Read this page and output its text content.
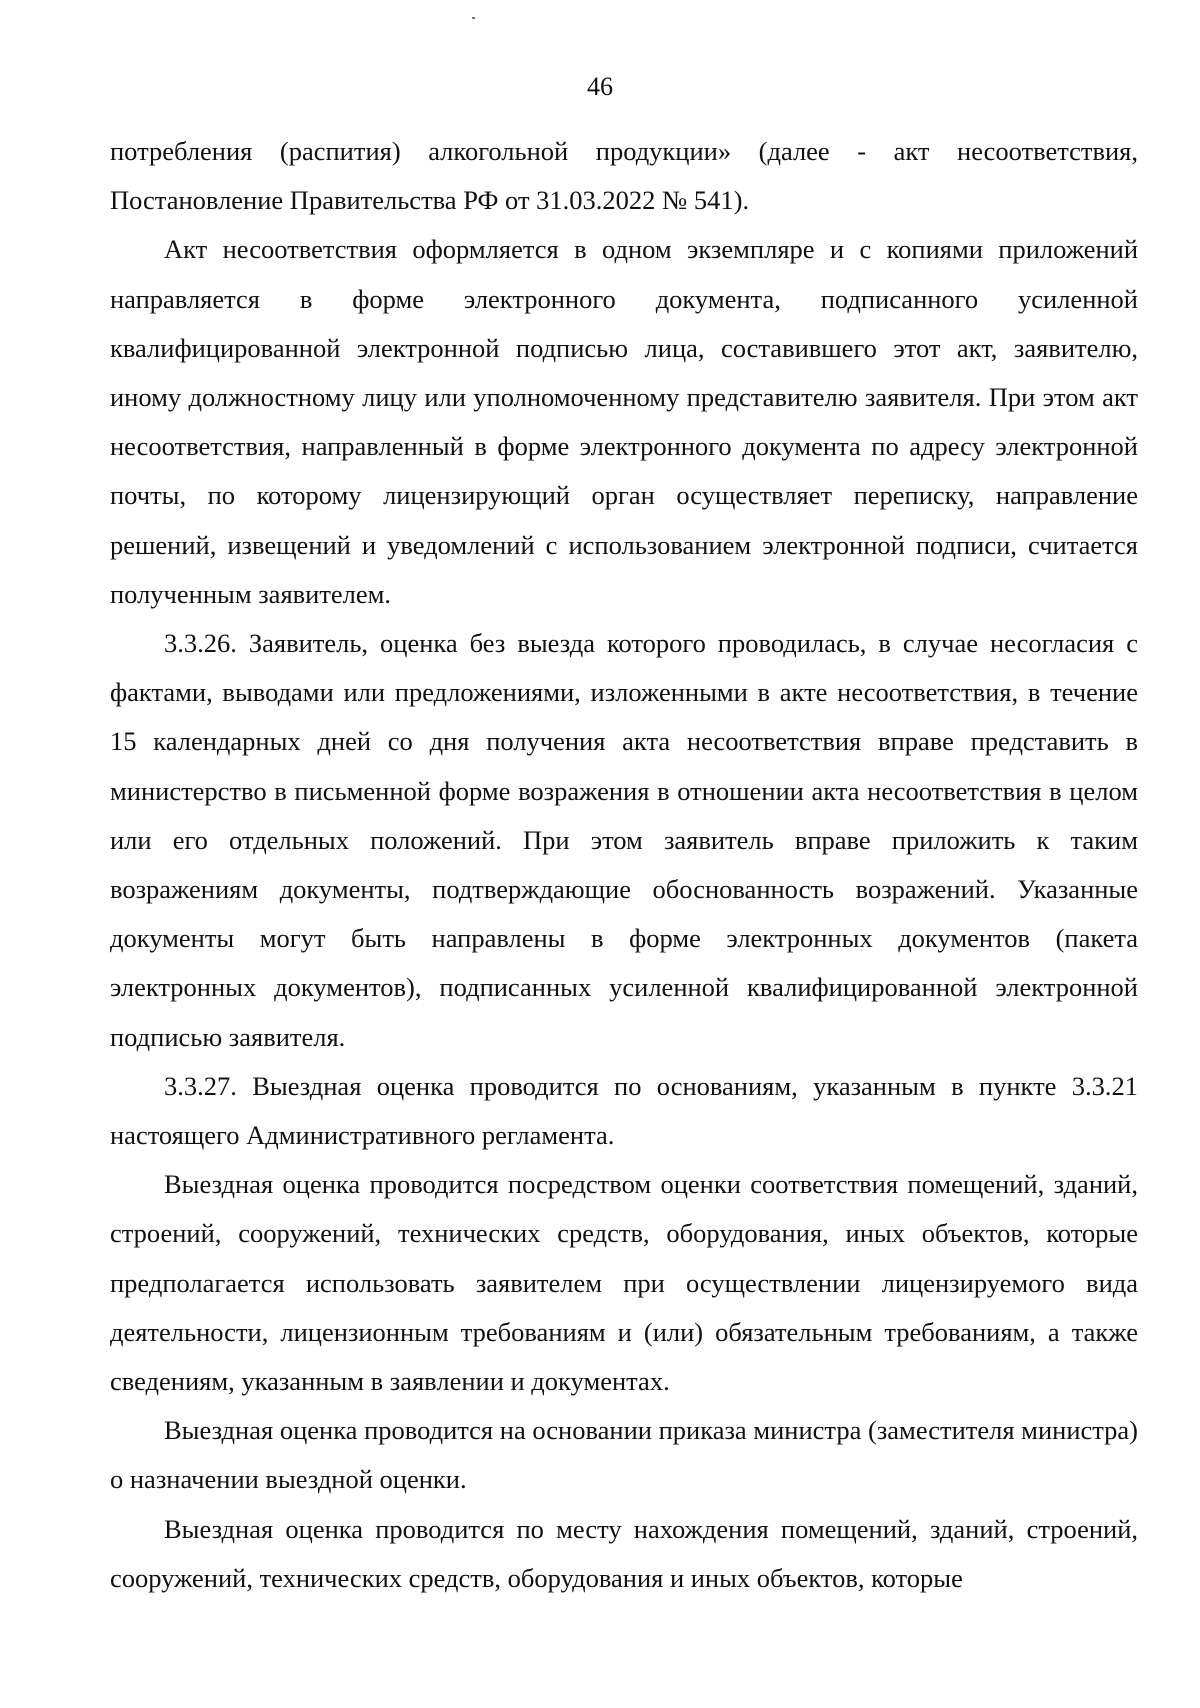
46

потребления (распития) алкогольной продукции» (далее - акт несоответствия, Постановление Правительства РФ от 31.03.2022 № 541).

Акт несоответствия оформляется в одном экземпляре и с копиями приложений направляется в форме электронного документа, подписанного усиленной квалифицированной электронной подписью лица, составившего этот акт, заявителю, иному должностному лицу или уполномоченному представителю заявителя. При этом акт несоответствия, направленный в форме электронного документа по адресу электронной почты, по которому лицензирующий орган осуществляет переписку, направление решений, извещений и уведомлений с использованием электронной подписи, считается полученным заявителем.

3.3.26. Заявитель, оценка без выезда которого проводилась, в случае несогласия с фактами, выводами или предложениями, изложенными в акте несоответствия, в течение 15 календарных дней со дня получения акта несоответствия вправе представить в министерство в письменной форме возражения в отношении акта несоответствия в целом или его отдельных положений. При этом заявитель вправе приложить к таким возражениям документы, подтверждающие обоснованность возражений. Указанные документы могут быть направлены в форме электронных документов (пакета электронных документов), подписанных усиленной квалифицированной электронной подписью заявителя.

3.3.27. Выездная оценка проводится по основаниям, указанным в пункте 3.3.21 настоящего Административного регламента.

Выездная оценка проводится посредством оценки соответствия помещений, зданий, строений, сооружений, технических средств, оборудования, иных объектов, которые предполагается использовать заявителем при осуществлении лицензируемого вида деятельности, лицензионным требованиям и (или) обязательным требованиям, а также сведениям, указанным в заявлении и документах.

Выездная оценка проводится на основании приказа министра (заместителя министра) о назначении выездной оценки.

Выездная оценка проводится по месту нахождения помещений, зданий, строений, сооружений, технических средств, оборудования и иных объектов, которые
